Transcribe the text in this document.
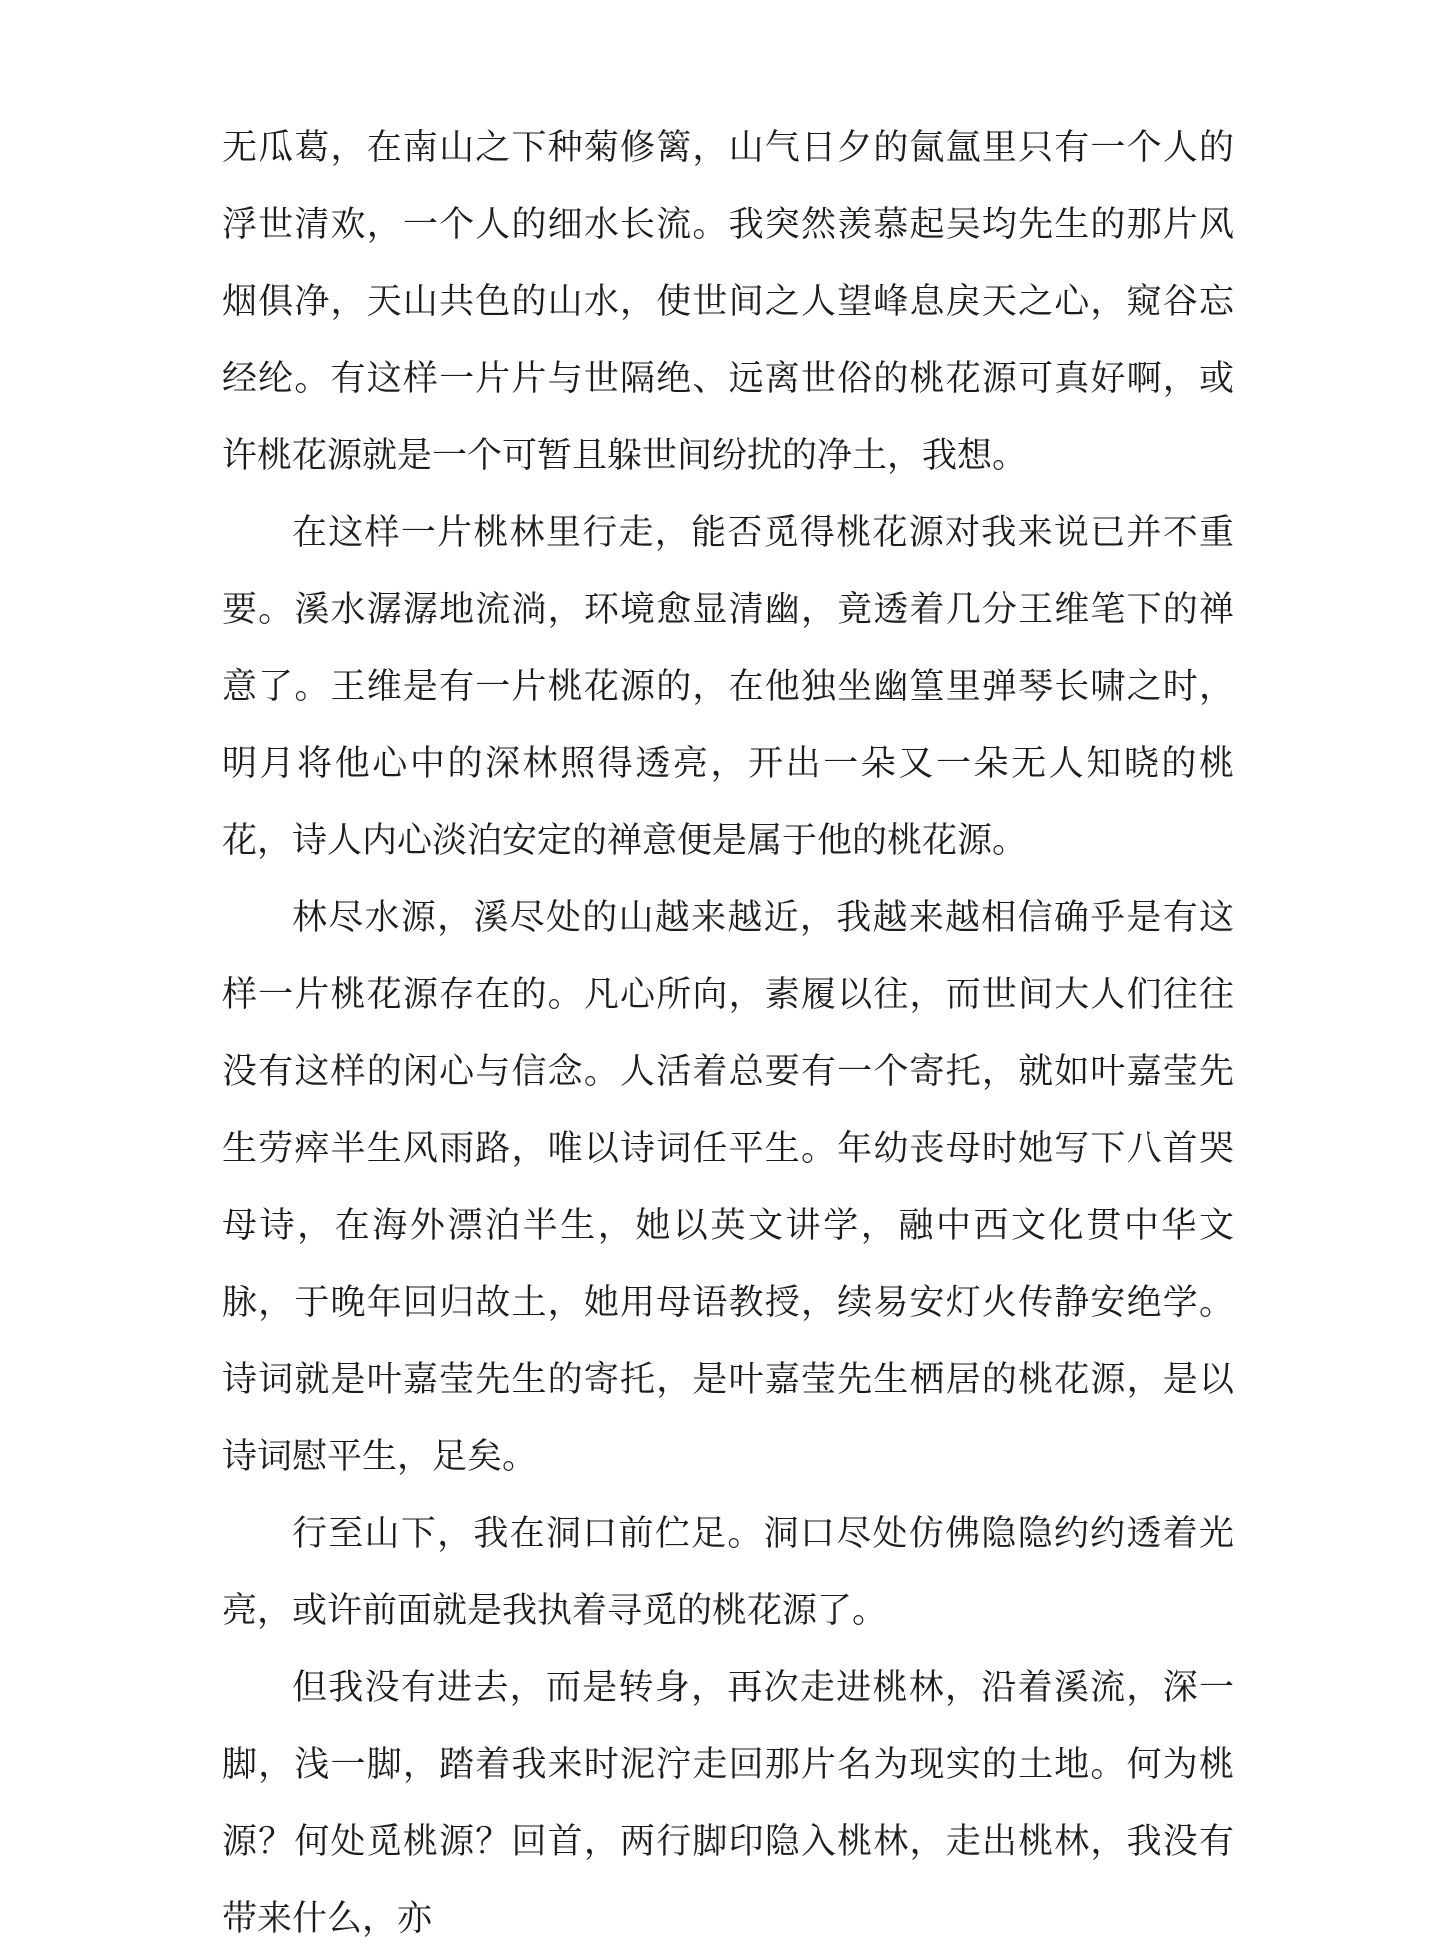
无瓜葛，在南山之下种菊修篱，山气日夕的氤氲里只有一个人的浮世清欢，一个人的细水长流。我突然羡慕起吴均先生的那片风烟俱净，天山共色的山水，使世间之人望峰息戾天之心，窥谷忘经纶。有这样一片片与世隔绝、远离世俗的桃花源可真好啊，或许桃花源就是一个可暂且躲世间纷扰的净土，我想。

在这样一片桃林里行走，能否觅得桃花源对我来说已并不重要。溪水潺潺地流淌，环境愈显清幽，竟透着几分王维笔下的禅意了。王维是有一片桃花源的，在他独坐幽篁里弹琴长啸之时，明月将他心中的深林照得透亮，开出一朵又一朵无人知晓的桃花，诗人内心淡泊安定的禅意便是属于他的桃花源。

林尽水源，溪尽处的山越来越近，我越来越相信确乎是有这样一片桃花源存在的。凡心所向，素履以往，而世间大人们往往没有这样的闲心与信念。人活着总要有一个寄托，就如叶嘉莹先生劳瘁半生风雨路，唯以诗词任平生。年幼丧母时她写下八首哭母诗，在海外漂泊半生，她以英文讲学，融中西文化贯中华文脉，于晚年回归故土，她用母语教授，续易安灯火传静安绝学。诗词就是叶嘉莹先生的寄托，是叶嘉莹先生栖居的桃花源，是以诗词慰平生，足矣。

行至山下，我在洞口前伫足。洞口尽处仿佛隐隐约约透着光亮，或许前面就是我执着寻觅的桃花源了。

但我没有进去，而是转身，再次走进桃林，沿着溪流，深一脚，浅一脚，踏着我来时泥泞走回那片名为现实的土地。何为桃源？何处觅桃源？回首，两行脚印隐入桃林，走出桃林，我没有带来什么，亦
